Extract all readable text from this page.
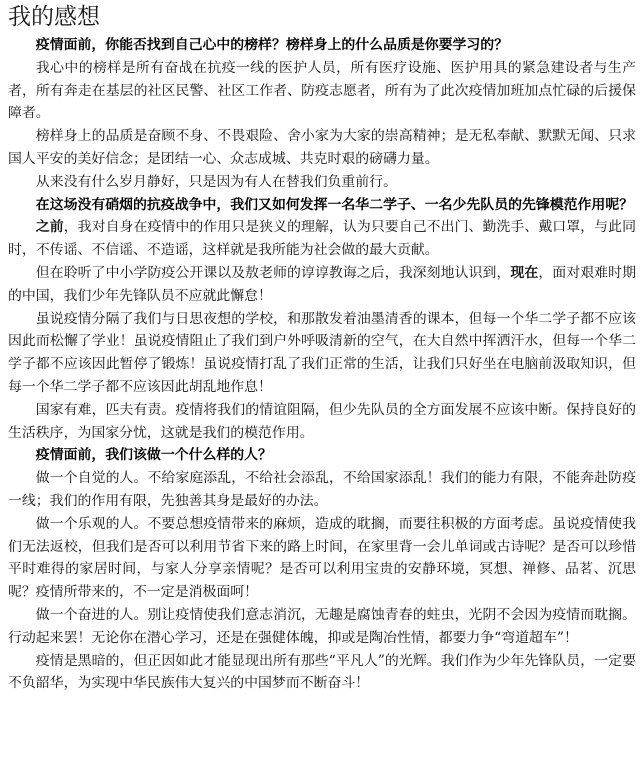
我的感想

疫情面前，你能否找到自己心中的榜样？榜样身上的什么品质是你要学习的？

我心中的榜样是所有奋战在抗疫一线的医护人员，所有医疗设施、医护用具的紧急建设者与生产者，所有奔走在基层的社区民警、社区工作者、防疫志愿者，所有为了此次疫情加班加点忙碌的后援保障者。

榜样身上的品质是奋顾不身、不畏艰险、舍小家为大家的崇高精神；是无私奉献、默默无闻、只求国人平安的美好信念；是团结一心、众志成城、共克时艰的磅礴力量。

从来没有什么岁月静好，只是因为有人在替我们负重前行。

在这场没有硝烟的抗疫战争中，我们又如何发挥一名华二学子、一名少先队员的先锋模范作用呢？

之前，我对自身在疫情中的作用只是狭义的理解，认为只要自己不出门、勤洗手、戴口罩，与此同时，不传谣、不信谣、不造谣，这样就是我所能为社会做的最大贡献。

但在聆听了中小学防疫公开课以及敖老师的谆谆教诲之后，我深刻地认识到，现在，面对艰难时期的中国，我们少年先锋队员不应就此懈怠！

虽说疫情分隔了我们与日思夜想的学校，和那散发着油墨清香的课本，但每一个华二学子都不应该因此而松懈了学业！虽说疫情阻止了我们到户外呼吸清新的空气，在大自然中挥洒汗水，但每一个华二学子都不应该因此暂停了锻炼！虽说疫情打乱了我们正常的生活，让我们只好坐在电脑前汲取知识，但每一个华二学子都不应该因此胡乱地作息！

国家有难，匹夫有责。疫情将我们的情谊阻隔，但少先队员的全方面发展不应该中断。保持良好的生活秩序，为国家分忧，这就是我们的模范作用。

疫情面前，我们该做一个什么样的人？

做一个自觉的人。不给家庭添乱，不给社会添乱，不给国家添乱！我们的能力有限，不能奔赴防疫一线；我们的作用有限，先独善其身是最好的办法。

做一个乐观的人。不要总想疫情带来的麻烦，造成的耽搁，而要往积极的方面考虑。虽说疫情使我们无法返校，但我们是否可以利用节省下来的路上时间，在家里背一会儿单词或古诗呢？是否可以珍惜平时难得的家居时间，与家人分享亲情呢？是否可以利用宝贵的安静环境，冥想、禅修、品茗、沉思呢？疫情所带来的，不一定是消极面呵！

做一个奋进的人。别让疫情使我们意志消沉，无趣是腐蚀青春的蛀虫，光阴不会因为疫情而耽搁。行动起来罢！无论你在潜心学习，还是在强健体魄，抑或是陶冶性情，都要力争“弯道超车”！

疫情是黑暗的，但正因如此才能显现出所有那些“平凡人”的光辉。我们作为少年先锋队员，一定要不负韶华，为实现中华民族伟大复兴的中国梦而不断奋斗！
